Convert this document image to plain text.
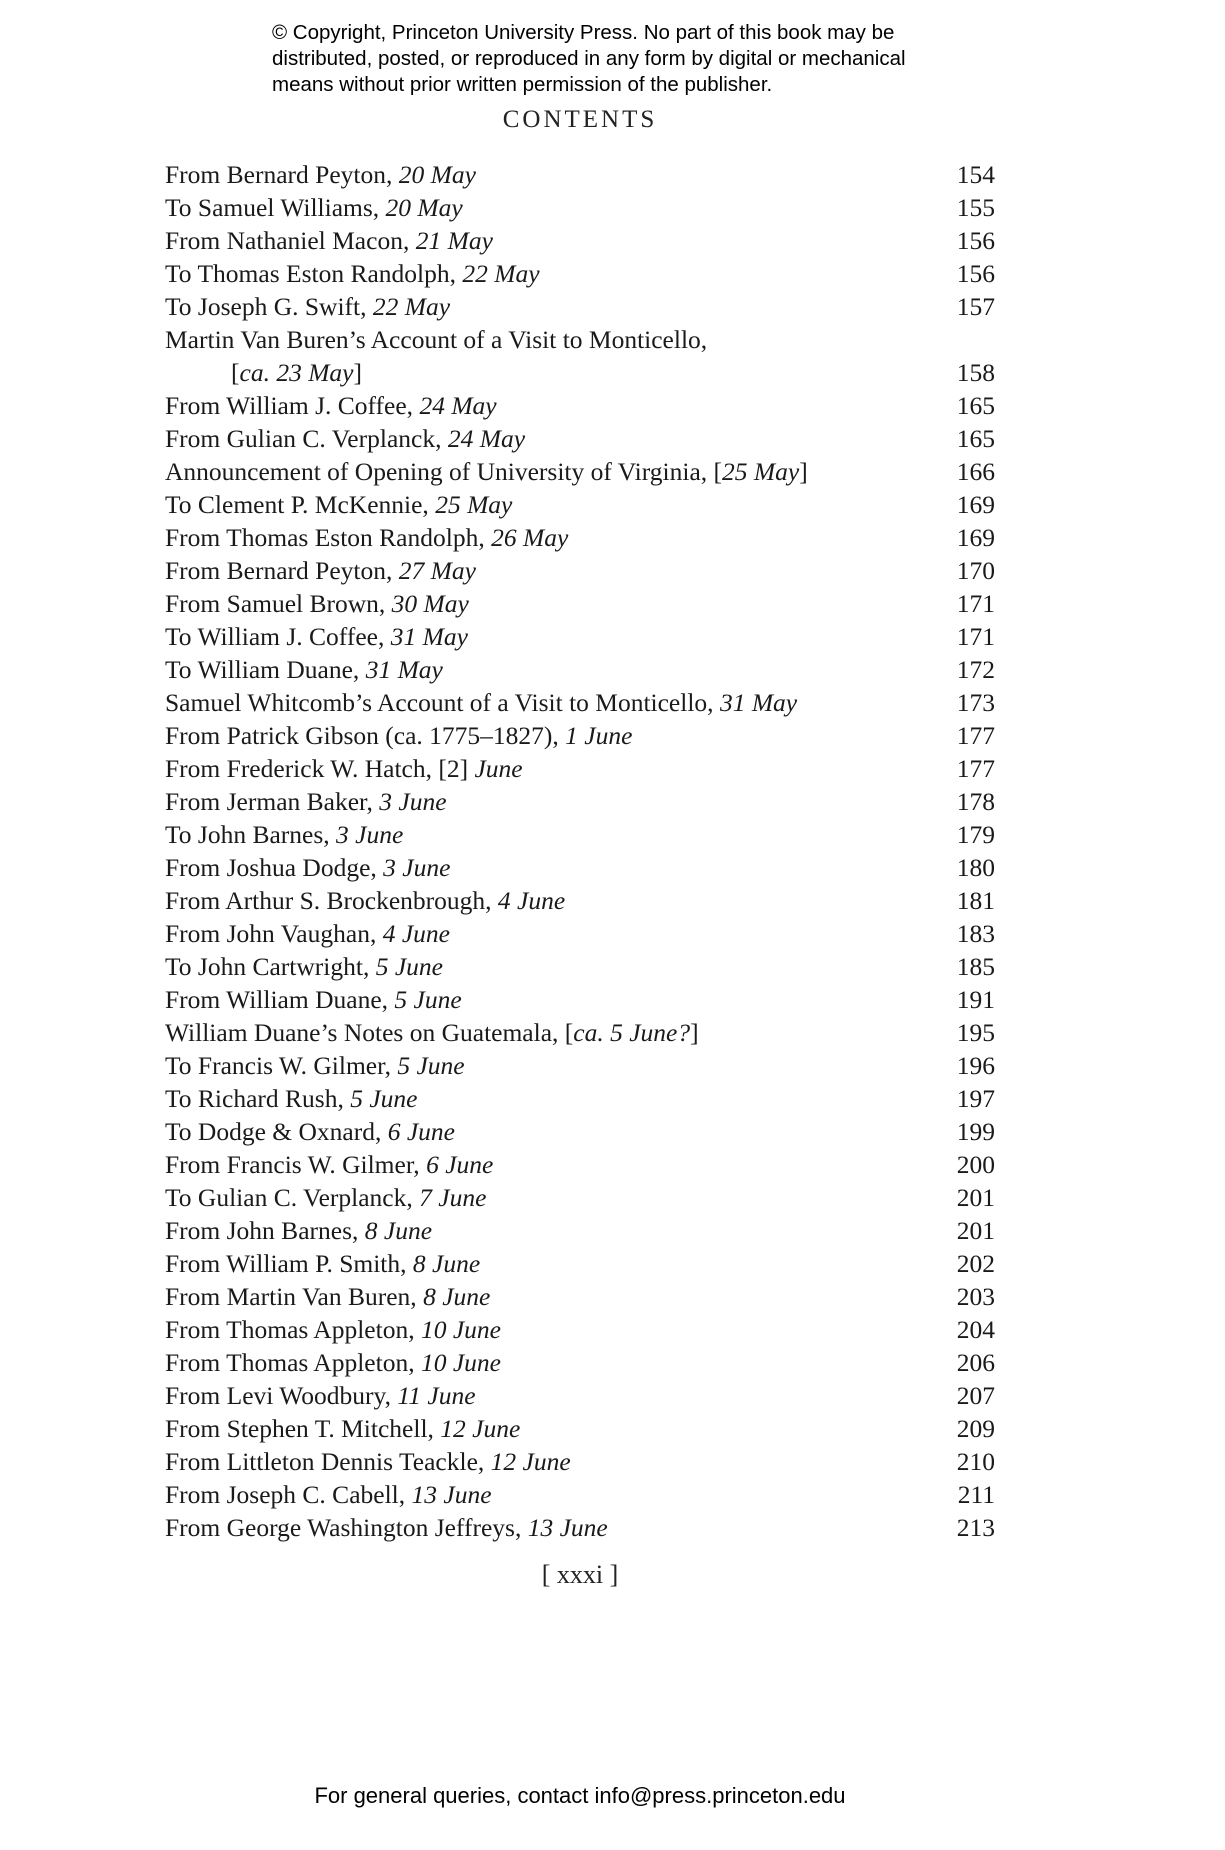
© Copyright, Princeton University Press. No part of this book may be
distributed, posted, or reproduced in any form by digital or mechanical
means without prior written permission of the publisher.
CONTENTS
From Bernard Peyton, 20 May	154
To Samuel Williams, 20 May	155
From Nathaniel Macon, 21 May	156
To Thomas Eston Randolph, 22 May	156
To Joseph G. Swift, 22 May	157
Martin Van Buren’s Account of a Visit to Monticello,
[ca. 23 May]	158
From William J. Coffee, 24 May	165
From Gulian C. Verplanck, 24 May	165
Announcement of Opening of University of Virginia, [25 May]	166
To Clement P. McKennie, 25 May	169
From Thomas Eston Randolph, 26 May	169
From Bernard Peyton, 27 May	170
From Samuel Brown, 30 May	171
To William J. Coffee, 31 May	171
To William Duane, 31 May	172
Samuel Whitcomb’s Account of a Visit to Monticello, 31 May	173
From Patrick Gibson (ca. 1775–1827), 1 June	177
From Frederick W. Hatch, [2] June	177
From Jerman Baker, 3 June	178
To John Barnes, 3 June	179
From Joshua Dodge, 3 June	180
From Arthur S. Brockenbrough, 4 June	181
From John Vaughan, 4 June	183
To John Cartwright, 5 June	185
From William Duane, 5 June	191
William Duane’s Notes on Guatemala, [ca. 5 June?]	195
To Francis W. Gilmer, 5 June	196
To Richard Rush, 5 June	197
To Dodge & Oxnard, 6 June	199
From Francis W. Gilmer, 6 June	200
To Gulian C. Verplanck, 7 June	201
From John Barnes, 8 June	201
From William P. Smith, 8 June	202
From Martin Van Buren, 8 June	203
From Thomas Appleton, 10 June	204
From Thomas Appleton, 10 June	206
From Levi Woodbury, 11 June	207
From Stephen T. Mitchell, 12 June	209
From Littleton Dennis Teackle, 12 June	210
From Joseph C. Cabell, 13 June	211
From George Washington Jeffreys, 13 June	213
[ xxxi ]
For general queries, contact info@press.princeton.edu
